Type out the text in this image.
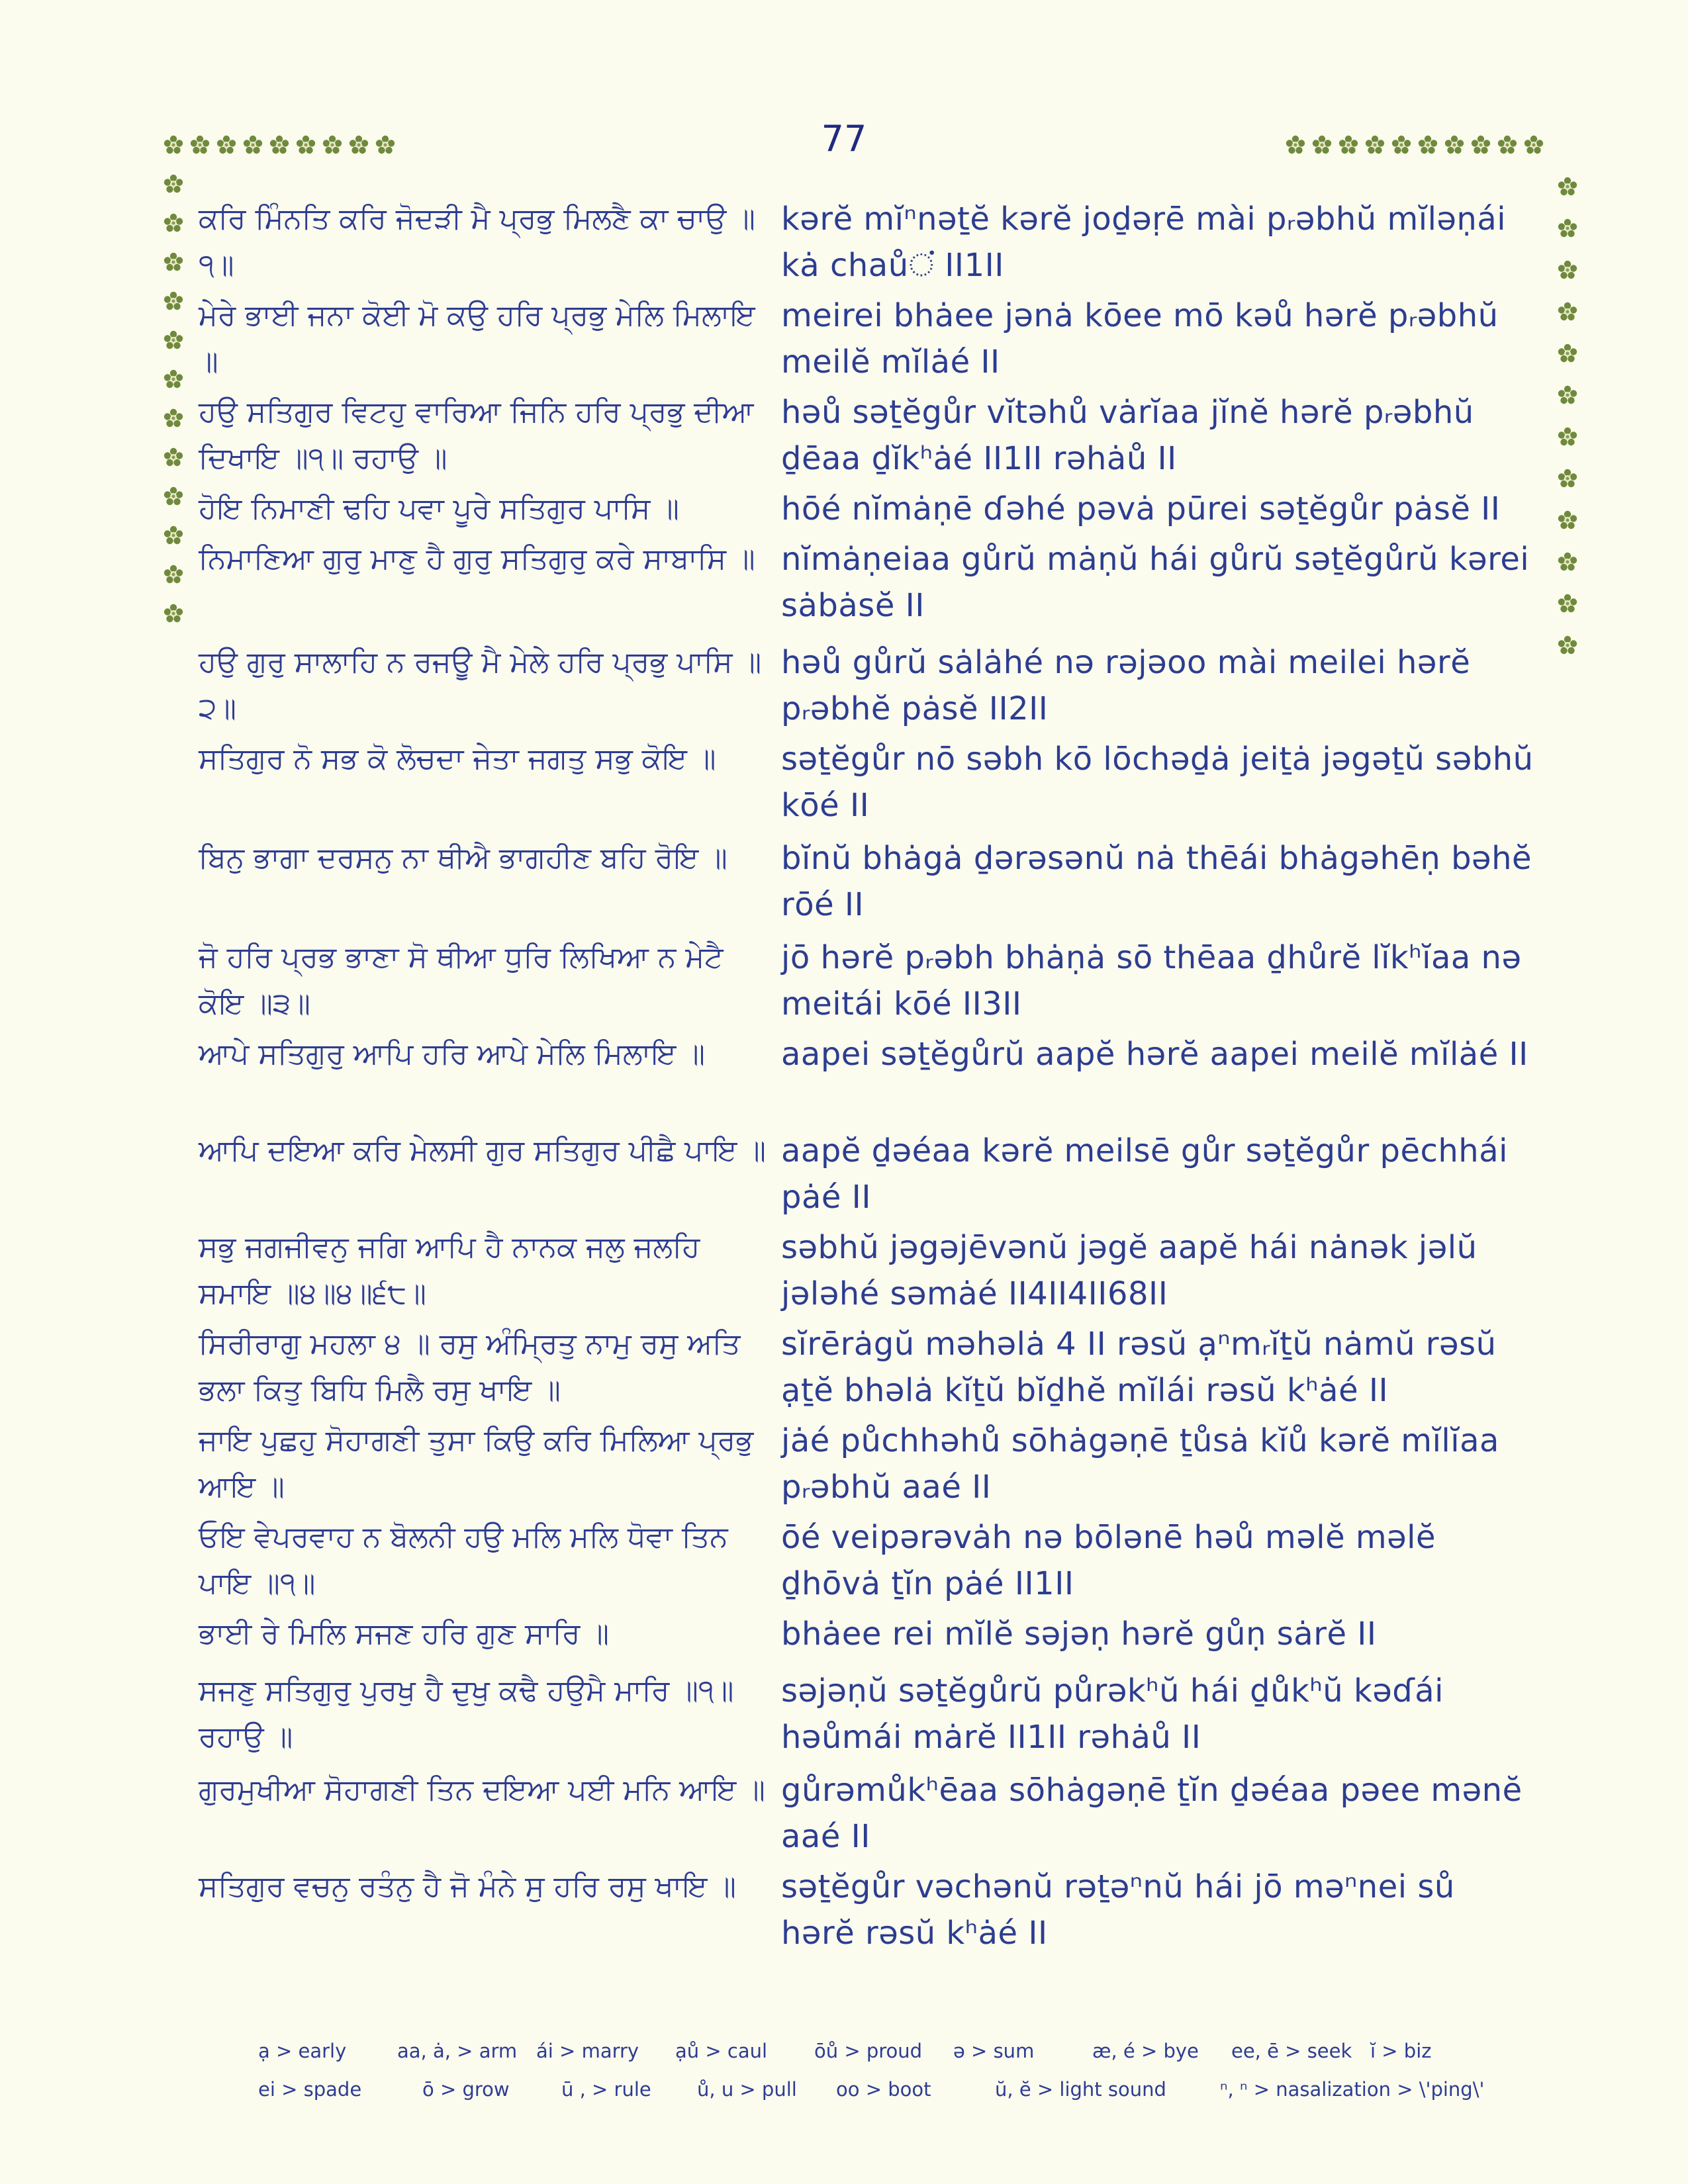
77
ਕਰਿ ਮਿੰਨਤਿ ਕਰਿ ਜੋਦੜੀ ਮੈ ਪ੍ਰਭੁ ਮਿਲਣੈ ਕਾ ਚਾਉ ॥੧॥
kərĕ mĭⁿnəṯĕ kərĕ joḏəṛē mài pᵣəbhŭ mĭləṇái kȧ chaůਂ II1II
ਮੇਰੇ ਭਾਈ ਜਨਾ ਕੋਈ ਮੋ ਕਉ ਹਰਿ ਪ੍ਰਭੁ ਮੇਲਿ ਮਿਲਾਇ ॥
meirei bhȧee jənȧ kōee mō kəů hərĕ pᵣəbhŭ meilĕ mĭlȧé II
ਹਉ ਸਤਿਗੁਰ ਵਿਟਹੁ ਵਾਰਿਆ ਜਿਨਿ ਹਰਿ ਪ੍ਰਭੁ ਦੀਆ ਦਿਖਾਇ ॥੧॥ ਰਹਾਉ ॥
həů səṯĕgůr vĭtəhů vȧrĭaa jĭnĕ hərĕ pᵣəbhŭ ḏēaa ḏĭkʰȧé II1II rəhȧů II
ਹੋਇ ਨਿਮਾਣੀ ਢਹਿ ਪਵਾ ਪੂਰੇ ਸਤਿਗੁਰ ਪਾਸਿ ॥	hōé nĭmȧṇē ɗəhé pəvȧ pūrei səṯĕgůr pȧsĕ II
ਨਿਮਾਣਿਆ ਗੁਰੁ ਮਾਣੁ ਹੈ ਗੁਰੁ ਸਤਿਗੁਰੁ ਕਰੇ ਸਾਬਾਸਿ ॥ nĭmȧṇeiaa gůrŭ mȧṇŭ hái gůrŭ səṯĕgůrŭ kərei sȧbȧsĕ II
ਹਉ ਗੁਰੁ ਸਾਲਾਹਿ ਨ ਰਜਊ ਮੈ ਮੇਲੇ ਹਰਿ ਪ੍ਰਭੁ ਪਾਸਿ ॥੨॥
həů gůrŭ sȧlȧhé nə rəjəoo mài meilei hərĕ pᵣəbhĕ pȧsĕ II2II
ਸਤਿਗੁਰ ਨੋ ਸਭ ਕੋ ਲੋਚਦਾ ਜੇਤਾ ਜਗਤੁ ਸਭੁ ਕੋਇ ॥	səṯĕgůr nō səbh kō lōchəḏȧ jeiṯȧ jəgəṯŭ səbhŭ kōé II
ਬਿਨੁ ਭਾਗਾ ਦਰਸਨੁ ਨਾ ਥੀਐ ਭਾਗਹੀਣ ਬਹਿ ਰੋਇ ॥	bĭnŭ bhȧgȧ ḏərəsənŭ nȧ thēái bhȧgəhēṇ bəhĕ rōé II
ਜੋ ਹਰਿ ਪ੍ਰਭ ਭਾਣਾ ਸੋ ਥੀਆ ਧੁਰਿ ਲਿਖਿਆ ਨ ਮੇਟੈ ਕੋਇ ॥੩॥
jō hərĕ pᵣəbh bhȧṇȧ sō thēaa ḏhůrĕ lĭkʰĭaa nə meitái kōé II3II
ਆਪੇ ਸਤਿਗੁਰੁ ਆਪਿ ਹਰਿ ਆਪੇ ਮੇਲਿ ਮਿਲਾਇ ॥	aapei səṯĕgůrŭ aapĕ hərĕ aapei meilĕ mĭlȧé II
ਆਪਿ ਦਇਆ ਕਰਿ ਮੇਲਸੀ ਗੁਰ ਸਤਿਗੁਰ ਪੀਛੈ ਪਾਇ ॥ aapĕ ḏəéaa kərĕ meilsē gůr səṯĕgůr pēchhái pȧé II
ਸਭੁ ਜਗਜੀਵਨੁ ਜਗਿ ਆਪਿ ਹੈ ਨਾਨਕ ਜਲੁ ਜਲਹਿ ਸਮਾਇ ॥੪॥੪॥੬੮॥
səbhŭ jəgəjēvənŭ jəgĕ aapĕ hái nȧnək jəlŭ jələhé səmȧé II4II4II68II
ਸਿਰੀਰਾਗੁ ਮਹਲਾ ੪ ॥ ਰਸੁ ਅੰਮ੍ਰਿਤੁ ਨਾਮੁ ਰਸੁ ਅਤਿ ਭਲਾ ਕਿਤੁ ਬਿਧਿ ਮਿਲੈ ਰਸੁ ਖਾਇ ॥
sĭrērȧgŭ məhəlȧ 4 II rəsŭ ạⁿmᵣĭṯŭ nȧmŭ rəsŭ ạṯĕ bhəlȧ kĭṯŭ bĭḏhĕ mĭlái rəsŭ kʰȧé II
ਜਾਇ ਪੁਛਹੁ ਸੋਹਾਗਣੀ ਤੁਸਾ ਕਿਉ ਕਰਿ ਮਿਲਿਆ ਪ੍ਰਭੁ ਆਇ ॥
jȧé půchhəhů sōhȧgəṇē ṯůsȧ kĭů kərĕ mĭlĭaa pᵣəbhŭ aaé II
ਓਇ ਵੇਪਰਵਾਹ ਨ ਬੋਲਨੀ ਹਉ ਮਲਿ ਮਲਿ ਧੋਵਾ ਤਿਨ ਪਾਇ ॥੧॥
ōé veipərəvȧh nə bōlənē həů məlĕ məlĕ ḏhōvȧ ṯĭn pȧé II1II
ਭਾਈ ਰੇ ਮਿਲਿ ਸਜਣ ਹਰਿ ਗੁਣ ਸਾਰਿ ॥	bhȧee rei mĭlĕ səjəṇ hərĕ gůṇ sȧrĕ II
ਸਜਣੁ ਸਤਿਗੁਰੁ ਪੁਰਖੁ ਹੈ ਦੁਖੁ ਕਢੈ ਹਉਮੈ ਮਾਰਿ ॥੧॥ ਰਹਾਉ ॥
səjəṇŭ səṯĕgůrŭ půrəkʰŭ hái ḏůkʰŭ kəɗái həůmái mȧrĕ II1II rəhȧů II
ਗੁਰਮੁਖੀਆ ਸੋਹਾਗਣੀ ਤਿਨ ਦਇਆ ਪਈ ਮਨਿ ਆਇ ॥ gůrəmůkʰēaa sōhȧgəṇē ṯĭn ḏəéaa pəee mənĕ aaé II
ਸਤਿਗੁਰ ਵਚਨੁ ਰਤੰਨੁ ਹੈ ਜੋ ਮੰਨੇ ਸੁ ਹਰਿ ਰਸੁ ਖਾਇ ॥	səṯĕgůr vəchənŭ rəṯəⁿnŭ hái jō məⁿnei sů hərĕ rəsŭ kʰȧé II
ạ > early	aa, ȧ, > arm ái > marry	ạů > caul	ōů > proud	ə > sum	æ, é > bye	ee, ē > seek ĭ > biz
ei > spade	ō > grow	ū , > rule	ů, u > pull	oo > boot	ŭ, ĕ > light sound	ⁿ, ⁿ > nasalization > \'ping\'
